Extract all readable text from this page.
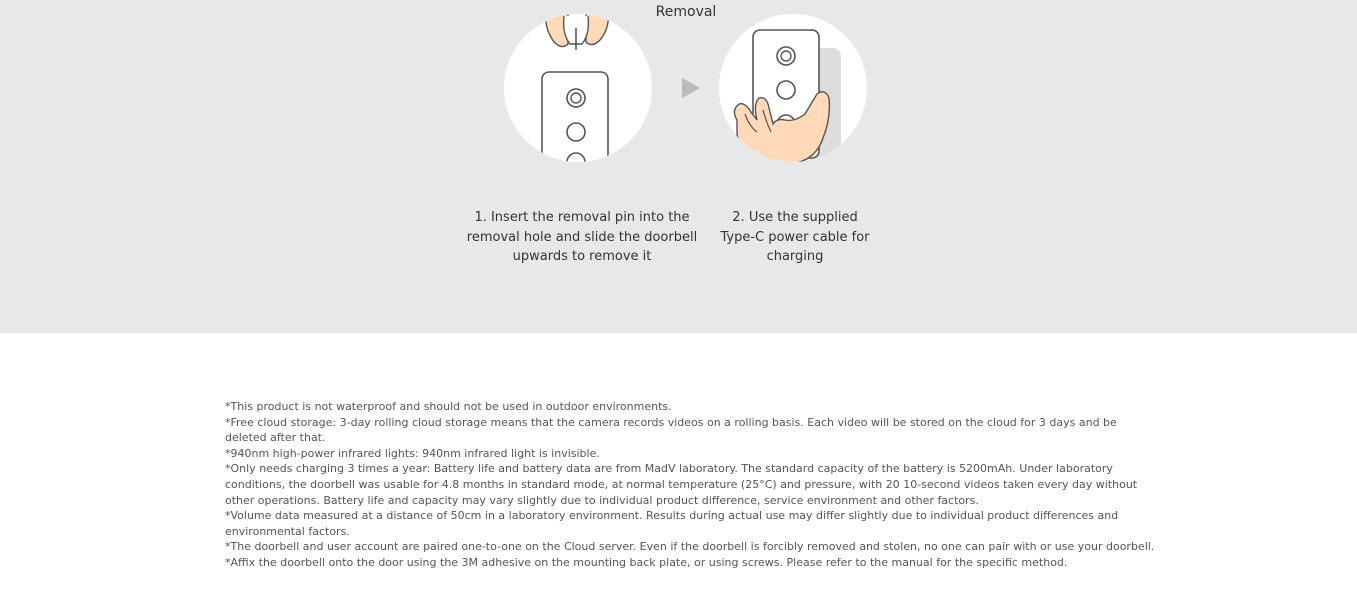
Removal
1. Insert the removal pin into the removal hole and slide the doorbell upwards to remove it
2. Use the supplied Type-C power cable for charging
*This product is not waterproof and should not be used in outdoor environments.
*Free cloud storage: 3-day rolling cloud storage means that the camera records videos on a rolling basis. Each video will be stored on the cloud for 3 days and be deleted after that.
*940nm high-power infrared lights: 940nm infrared light is invisible.
*Only needs charging 3 times a year: Battery life and battery data are from MadV laboratory. The standard capacity of the battery is 5200mAh. Under laboratory conditions, the doorbell was usable for 4.8 months in standard mode, at normal temperature (25°C) and pressure, with 20 10-second videos taken every day without other operations. Battery life and capacity may vary slightly due to individual product difference, service environment and other factors.
*Volume data measured at a distance of 50cm in a laboratory environment. Results during actual use may differ slightly due to individual product differences and environmental factors.
*The doorbell and user account are paired one-to-one on the Cloud server. Even if the doorbell is forcibly removed and stolen, no one can pair with or use your doorbell.
*Affix the doorbell onto the door using the 3M adhesive on the mounting back plate, or using screws. Please refer to the manual for the specific method.
